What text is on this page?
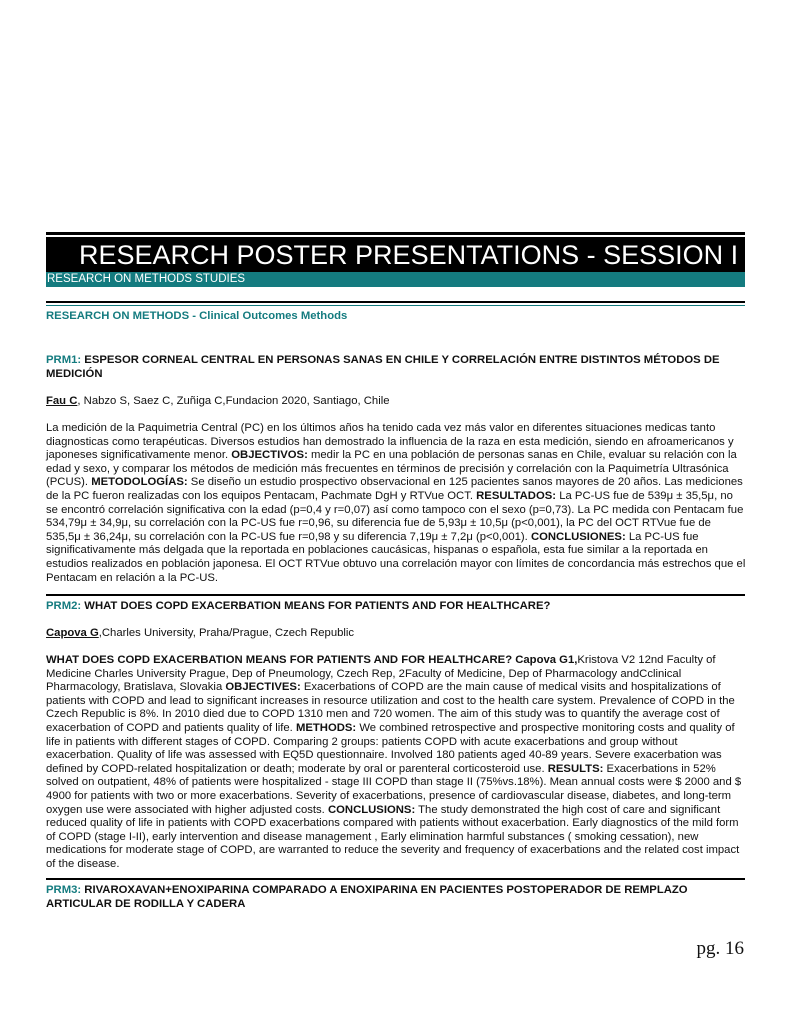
RESEARCH POSTER PRESENTATIONS - SESSION I
RESEARCH ON METHODS STUDIES
RESEARCH ON METHODS - Clinical Outcomes Methods
PRM1: ESPESOR CORNEAL CENTRAL EN PERSONAS SANAS EN CHILE Y CORRELACIÓN ENTRE DISTINTOS MÉTODOS DE MEDICIÓN
Fau C, Nabzo S, Saez C, Zuñiga C,Fundacion 2020, Santiago, Chile
La medición de la Paquimetria Central (PC) en los últimos años ha tenido cada vez más valor en diferentes situaciones medicas tanto diagnosticas como terapéuticas. Diversos estudios han demostrado la influencia de la raza en esta medición, siendo en afroamericanos y japoneses significativamente menor. OBJECTIVOS: medir la PC en una población de personas sanas en Chile, evaluar su relación con la edad y sexo, y comparar los métodos de medición más frecuentes en términos de precisión y correlación con la Paquimetría Ultrasónica (PCUS). METODOLOGÍAS: Se diseño un estudio prospectivo observacional en 125 pacientes sanos mayores de 20 años. Las mediciones de la PC fueron realizadas con los equipos Pentacam, Pachmate DgH y RTVue OCT. RESULTADOS: La PC-US fue de 539μ ± 35,5μ, no se encontró correlación significativa con la edad (p=0,4 y r=0,07) así como tampoco con el sexo (p=0,73). La PC medida con Pentacam fue 534,79μ ± 34,9μ, su correlación con la PC-US fue r=0,96, su diferencia fue de 5,93μ ± 10,5μ (p<0,001), la PC del OCT RTVue fue de 535,5μ ± 36,24μ, su correlación con la PC-US fue r=0,98 y su diferencia 7,19μ ± 7,2μ (p<0,001). CONCLUSIONES: La PC-US fue significativamente más delgada que la reportada en poblaciones caucásicas, hispanas o española, esta fue similar a la reportada en estudios realizados en población japonesa. El OCT RTVue obtuvo una correlación mayor con límites de concordancia más estrechos que el Pentacam en relación a la PC-US.
PRM2: WHAT DOES COPD EXACERBATION MEANS FOR PATIENTS AND FOR HEALTHCARE?
Capova G,Charles University, Praha/Prague, Czech Republic
WHAT DOES COPD EXACERBATION MEANS FOR PATIENTS AND FOR HEALTHCARE? Capova G1,Kristova V2 12nd Faculty of Medicine Charles University Prague, Dep of Pneumology, Czech Rep, 2Faculty of Medicine, Dep of Pharmacology andCclinical Pharmacology, Bratislava, Slovakia OBJECTIVES: Exacerbations of COPD are the main cause of medical visits and hospitalizations of patients with COPD and lead to significant increases in resource utilization and cost to the health care system. Prevalence of COPD in the Czech Republic is 8%. In 2010 died due to COPD 1310 men and 720 women. The aim of this study was to quantify the average cost of exacerbation of COPD and patients quality of life. METHODS: We combined retrospective and prospective monitoring costs and quality of life in patients with different stages of COPD. Comparing 2 groups: patients COPD with acute exacerbations and group without exacerbation. Quality of life was assessed with EQ5D questionnaire. Involved 180 patients aged 40-89 years. Severe exacerbation was defined by COPD-related hospitalization or death; moderate by oral or parenteral corticosteroid use. RESULTS: Exacerbations in 52% solved on outpatient, 48% of patients were hospitalized - stage III COPD than stage II (75%vs.18%). Mean annual costs were $ 2000 and $ 4900 for patients with two or more exacerbations. Severity of exacerbations, presence of cardiovascular disease, diabetes, and long-term oxygen use were associated with higher adjusted costs. CONCLUSIONS: The study demonstrated the high cost of care and significant reduced quality of life in patients with COPD exacerbations compared with patients without exacerbation. Early diagnostics of the mild form of COPD (stage I-II), early intervention and disease management , Early elimination harmful substances ( smoking cessation), new medications for moderate stage of COPD, are warranted to reduce the severity and frequency of exacerbations and the related cost impact of the disease.
PRM3: RIVAROXAVAN+ENOXIPARINA COMPARADO A ENOXIPARINA EN PACIENTES POSTOPERADOR DE REMPLAZO ARTICULAR DE RODILLA Y CADERA
pg. 16
